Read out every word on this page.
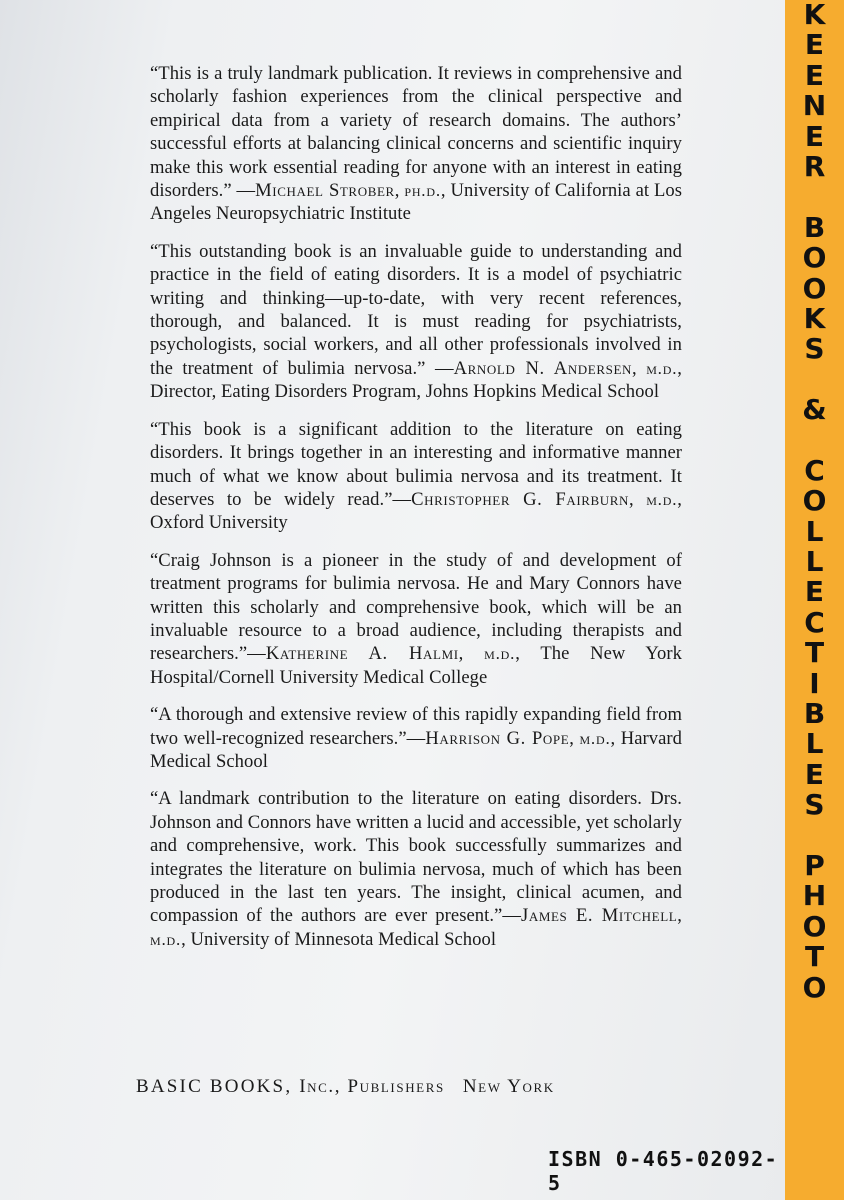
“This is a truly landmark publication. It reviews in comprehensive and scholarly fashion experiences from the clinical perspective and empirical data from a variety of research domains. The authors’ successful efforts at balancing clinical concerns and scientific inquiry make this work essential reading for anyone with an interest in eating disorders.” —Michael Strober, ph.d., University of California at Los Angeles Neuropsychiatric Institute

“This outstanding book is an invaluable guide to understanding and practice in the field of eating disorders. It is a model of psychiatric writing and thinking—up-to-date, with very recent references, thorough, and balanced. It is must reading for psychiatrists, psychologists, social workers, and all other professionals involved in the treatment of bulimia nervosa.” —Arnold N. Andersen, m.d., Director, Eating Disorders Program, Johns Hopkins Medical School

“This book is a significant addition to the literature on eating disorders. It brings together in an interesting and informative manner much of what we know about bulimia nervosa and its treatment. It deserves to be widely read.”—Christopher G. Fairburn, m.d., Oxford University

“Craig Johnson is a pioneer in the study of and development of treatment programs for bulimia nervosa. He and Mary Connors have written this scholarly and comprehensive book, which will be an invaluable resource to a broad audience, including therapists and researchers.”—Katherine A. Halmi, m.d., The New York Hospital/Cornell University Medical College

“A thorough and extensive review of this rapidly expanding field from two well-recognized researchers.”—Harrison G. Pope, m.d., Harvard Medical School

“A landmark contribution to the literature on eating disorders. Drs. Johnson and Connors have written a lucid and accessible, yet scholarly and comprehensive, work. This book successfully summarizes and integrates the literature on bulimia nervosa, much of which has been produced in the last ten years. The insight, clinical acumen, and compassion of the authors are ever present.”—James E. Mitchell, m.d., University of Minnesota Medical School

BASIC BOOKS, Inc., Publishers New York
ISBN 0-465-02092-5
K
E
E
N
E
R
B
O
O
K
S
&
C
O
L
L
E
C
T
I
B
L
E
S
P
H
O
T
O
